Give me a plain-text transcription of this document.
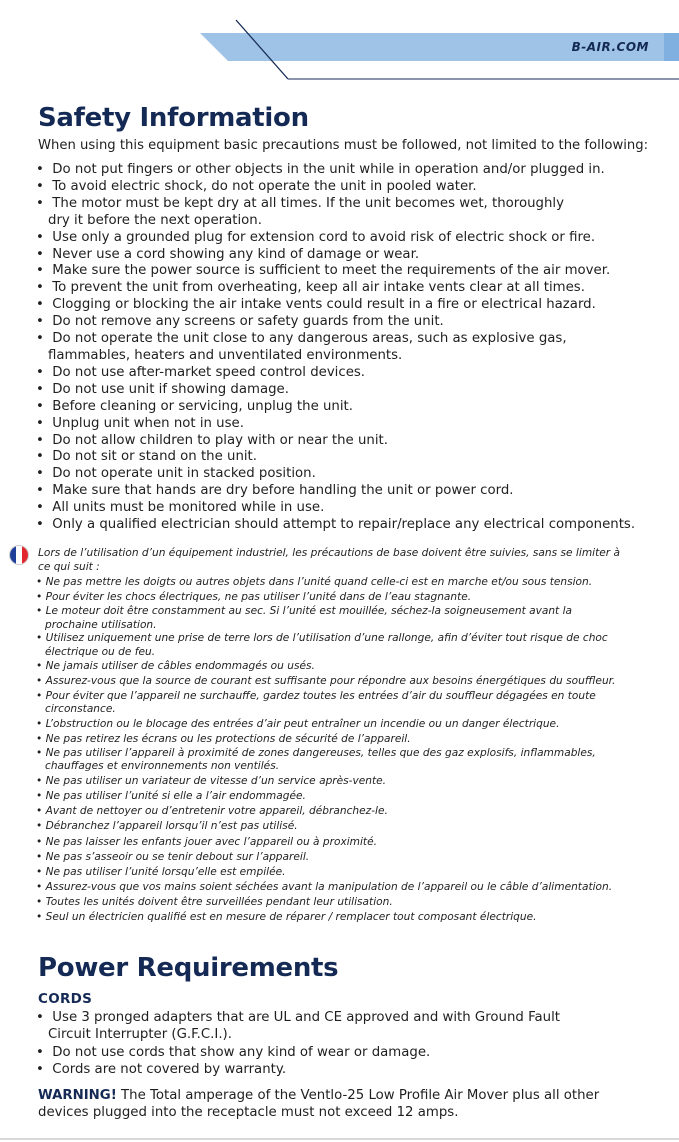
B-AIR.COM
Safety Information
When using this equipment basic precautions must be followed, not limited to the following:
•  Do not put fingers or other objects in the unit while in operation and/or plugged in.
•  To avoid electric shock, do not operate the unit in pooled water.
•  The motor must be kept dry at all times. If the unit becomes wet, thoroughly
dry it before the next operation.
•  Use only a grounded plug for extension cord to avoid risk of electric shock or fire.
•  Never use a cord showing any kind of damage or wear.
•  Make sure the power source is sufficient to meet the requirements of the air mover.
•  To prevent the unit from overheating, keep all air intake vents clear at all times.
•  Clogging or blocking the air intake vents could result in a fire or electrical hazard.
•  Do not remove any screens or safety guards from the unit.
•  Do not operate the unit close to any dangerous areas, such as explosive gas,
flammables, heaters and unventilated environments.
•  Do not use after-market speed control devices.
•  Do not use unit if showing damage.
•  Before cleaning or servicing, unplug the unit.
•  Unplug unit when not in use.
•  Do not allow children to play with or near the unit.
•  Do not sit or stand on the unit.
•  Do not operate unit in stacked position.
•  Make sure that hands are dry before handling the unit or power cord.
•  All units must be monitored while in use.
•  Only a qualified electrician should attempt to repair/replace any electrical components.
Lors de l’utilisation d’un équipement industriel, les précautions de base doivent être suivies, sans se limiter à
ce qui suit :
• Ne pas mettre les doigts ou autres objets dans l’unité quand celle-ci est en marche et/ou sous tension.
• Pour éviter les chocs électriques, ne pas utiliser l’unité dans de l’eau stagnante.
• Le moteur doit être constamment au sec. Si l’unité est mouillée, séchez-la soigneusement avant la
prochaine utilisation.
• Utilisez uniquement une prise de terre lors de l’utilisation d’une rallonge, afin d’éviter tout risque de choc
électrique ou de feu.
• Ne jamais utiliser de câbles endommagés ou usés.
• Assurez-vous que la source de courant est suffisante pour répondre aux besoins énergétiques du souffleur.
• Pour éviter que l’appareil ne surchauffe, gardez toutes les entrées d’air du souffleur dégagées en toute
circonstance.
• L’obstruction ou le blocage des entrées d’air peut entraîner un incendie ou un danger électrique.
• Ne pas retirez les écrans ou les protections de sécurité de l’appareil.
• Ne pas utiliser l’appareil à proximité de zones dangereuses, telles que des gaz explosifs, inflammables,
chauffages et environnements non ventilés.
• Ne pas utiliser un variateur de vitesse d’un service après-vente.
• Ne pas utiliser l’unité si elle a l’air endommagée.
• Avant de nettoyer ou d’entretenir votre appareil, débranchez-le.
• Débranchez l’appareil lorsqu’il n’est pas utilisé.
• Ne pas laisser les enfants jouer avec l’appareil ou à proximité.
• Ne pas s’asseoir ou se tenir debout sur l’appareil.
• Ne pas utiliser l’unité lorsqu’elle est empilée.
• Assurez-vous que vos mains soient séchées avant la manipulation de l’appareil ou le câble d’alimentation.
• Toutes les unités doivent être surveillées pendant leur utilisation.
• Seul un électricien qualifié est en mesure de réparer / remplacer tout composant électrique.
Power Requirements
CORDS
•  Use 3 pronged adapters that are UL and CE approved and with Ground Fault
Circuit Interrupter (G.F.C.I.).
•  Do not use cords that show any kind of wear or damage.
•  Cords are not covered by warranty.
WARNING! The Total amperage of the Ventlo-25 Low Profile Air Mover plus all other
devices plugged into the receptacle must not exceed 12 amps.
